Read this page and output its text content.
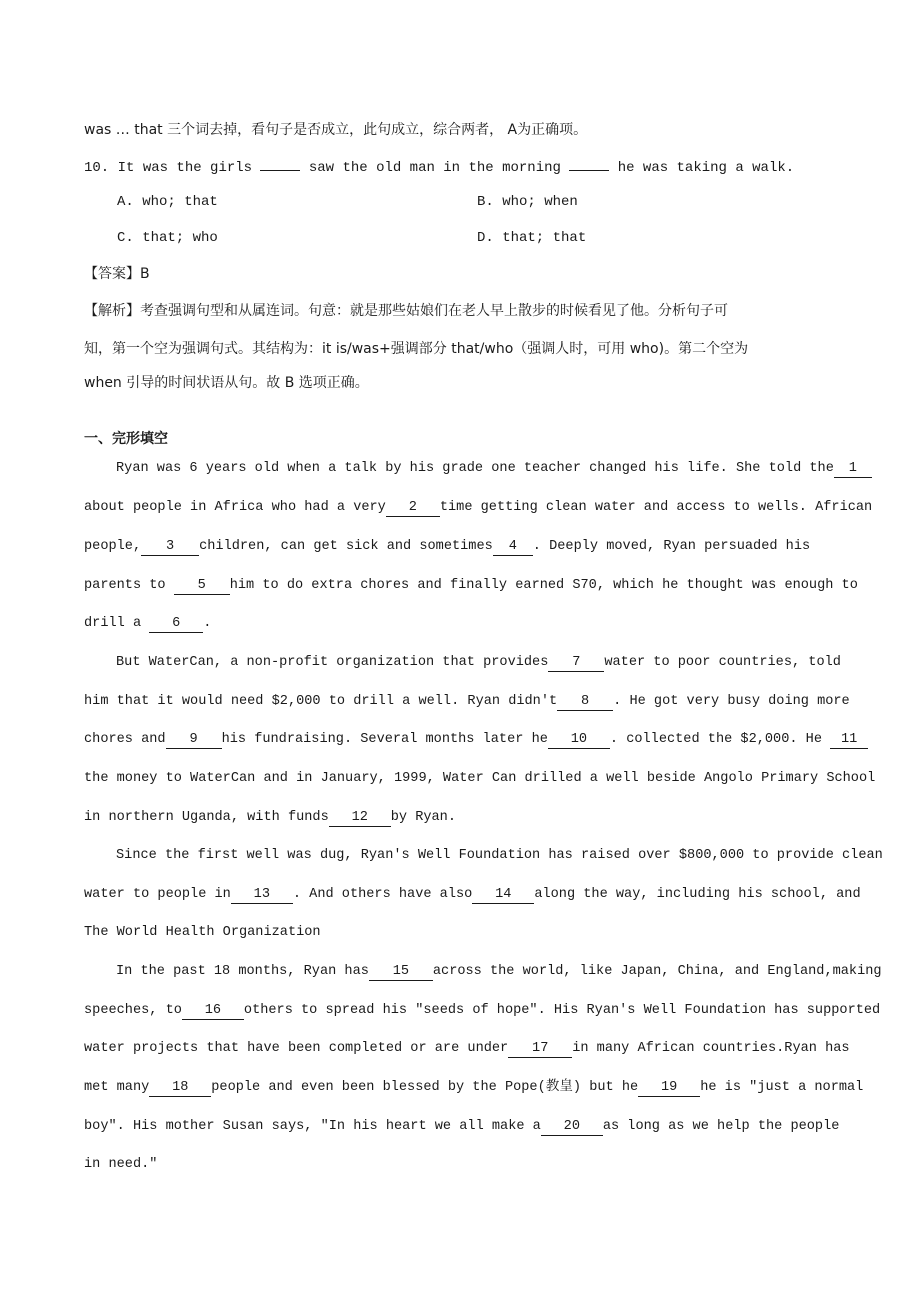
was … that 三个词去掉，看句子是否成立，此句成立，综合两者， A为正确项。
10. It was the girls	saw the old man in the morning	he was taking a walk.
A. who; that	B. who; when
C. that; who	D. that; that
【答案】B
【解析】考查强调句型和从属连词。句意：就是那些姑娘们在老人早上散步的时候看见了他。分析句子可
知，第一个空为强调句式。其结构为：it is/was+强调部分 that/who（强调人时，可用 who)。第二个空为
when 引导的时间状语从句。故 B 选项正确。
一、完形填空
Ryan was 6 years old when a talk by his grade one teacher changed his life. She told the 1
about people in Africa who had a very 2 time getting clean water and access to wells. African
people, 3 children, can get sick and sometimes 4 . Deeply moved, Ryan persuaded his
parents to 5 him to do extra chores and finally earned S70, which he thought was enough to
drill a 6 .
But WaterCan, a non-profit organization that provides 7 water to poor countries, told
him that it would need $2,000 to drill a well. Ryan didn't 8 . He got very busy doing more
chores and 9 his fundraising. Several months later he 10 . collected the $2,000. He 11
the money to WaterCan and in January, 1999, Water Can drilled a well beside Angolo Primary School
in northern Uganda, with funds 12 by Ryan.
Since the first well was dug, Ryan's Well Foundation has raised over $800,000 to provide clean
water to people in 13 . And others have also 14 along the way, including his school, and
The World Health Organization
In the past 18 months, Ryan has 15 across the world, like Japan, China, and England,making
speeches, to 16 others to spread his "seeds of hope". His Ryan's Well Foundation has supported
water projects that have been completed or are under 17 in many African countries.Ryan has
met many 18 people and even been blessed by the Pope(教皇) but he 19 he is "just a normal
boy". His mother Susan says, "In his heart we all make a 20 as long as we help the people
in need."
